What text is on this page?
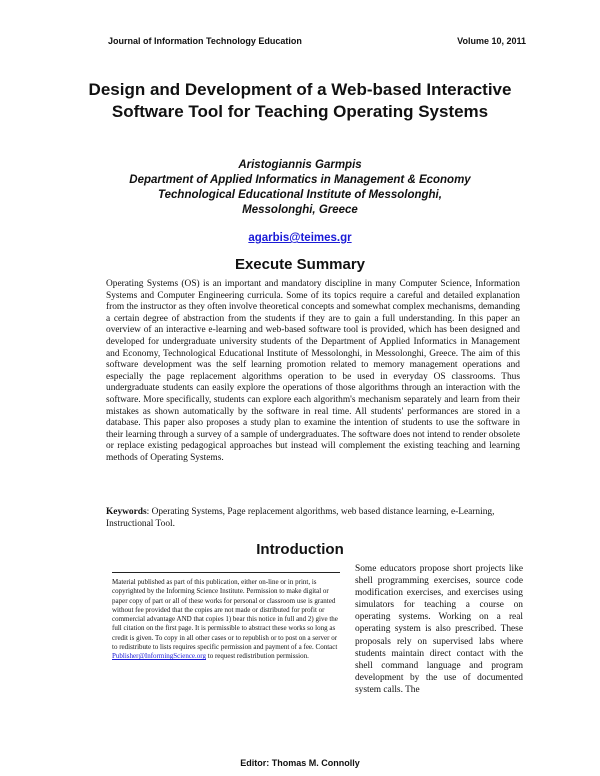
Journal of Information Technology Education	Volume 10, 2011
Design and Development of a Web-based Interactive Software Tool for Teaching Operating Systems
Aristogiannis Garmpis
Department of Applied Informatics in Management & Economy
Technological Educational Institute of Messolonghi,
Messolonghi, Greece
agarbis@teimes.gr
Execute Summary
Operating Systems (OS) is an important and mandatory discipline in many Computer Science, Information Systems and Computer Engineering curricula. Some of its topics require a careful and detailed explanation from the instructor as they often involve theoretical concepts and somewhat complex mechanisms, demanding a certain degree of abstraction from the students if they are to gain a full understanding. In this paper an overview of an interactive e-learning and web-based software tool is provided, which has been designed and developed for undergraduate university students of the Department of Applied Informatics in Management and Economy, Technological Educational Institute of Messolonghi, in Messolonghi, Greece. The aim of this software development was the self learning promotion related to memory management operations and especially the page replacement algorithms operation to be used in everyday OS classrooms. Thus undergraduate students can easily explore the operations of those algorithms through an interaction with the software. More specifically, students can explore each algorithm's mechanism separately and learn from their mistakes as shown automatically by the software in real time. All students' performances are stored in a database. This paper also proposes a study plan to examine the intention of students to use the software in their learning through a survey of a sample of undergraduates. The software does not intend to render obsolete or replace existing pedagogical approaches but instead will complement the existing teaching and learning methods of Operating Systems.
Keywords: Operating Systems, Page replacement algorithms, web based distance learning, e-Learning, Instructional Tool.
Introduction
Material published as part of this publication, either on-line or in print, is copyrighted by the Informing Science Institute. Permission to make digital or paper copy of part or all of these works for personal or classroom use is granted without fee provided that the copies are not made or distributed for profit or commercial advantage AND that copies 1) bear this notice in full and 2) give the full citation on the first page. It is permissible to abstract these works so long as credit is given. To copy in all other cases or to republish or to post on a server or to redistribute to lists requires specific permission and payment of a fee. Contact Publisher@InformingScience.org to request redistribution permission.
Some educators propose short projects like shell programming exercises, source code modification exercises, and exercises using simulators for teaching a course on operating systems. Working on a real operating system is also prescribed. These proposals rely on supervised labs where students maintain direct contact with the shell command language and program development by the use of documented system calls. The
Editor: Thomas M. Connolly
